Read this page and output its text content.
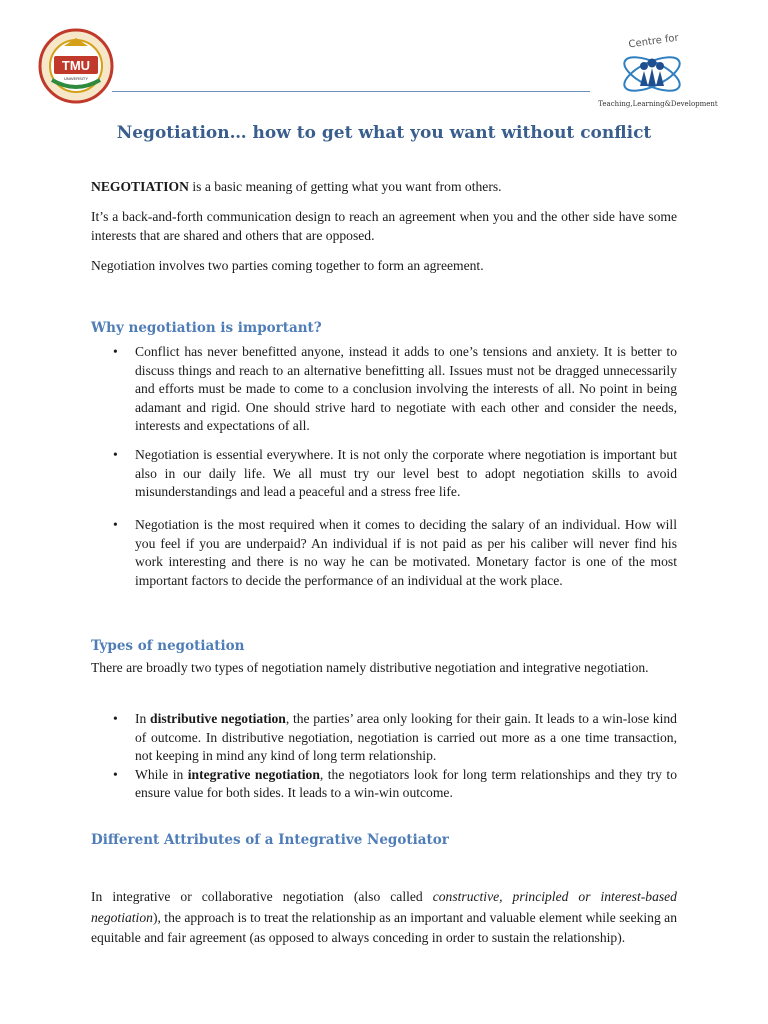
TMU
UNIVERSITY
Centre for
Teaching,Learning&Development
Negotiation… how to get what you want without conflict
NEGOTIATION is a basic meaning of getting what you want from others.
It’s a back-and-forth communication design to reach an agreement when you and the other side have some interests that are shared and others that are opposed.
Negotiation involves two parties coming together to form an agreement.
Why negotiation is important?
• Conflict has never benefitted anyone, instead it adds to one’s tensions and anxiety. It is better to discuss things and reach to an alternative benefitting all. Issues must not be dragged unnecessarily and efforts must be made to come to a conclusion involving the interests of all. No point in being adamant and rigid. One should strive hard to negotiate with each other and consider the needs, interests and expectations of all.
• Negotiation is essential everywhere. It is not only the corporate where negotiation is important but also in our daily life. We all must try our level best to adopt negotiation skills to avoid misunderstandings and lead a peaceful and a stress free life.
• Negotiation is the most required when it comes to deciding the salary of an individual. How will you feel if you are underpaid? An individual if is not paid as per his caliber will never find his work interesting and there is no way he can be motivated. Monetary factor is one of the most important factors to decide the performance of an individual at the work place.
Types of negotiation
There are broadly two types of negotiation namely distributive negotiation and integrative negotiation.
• In distributive negotiation, the parties’ area only looking for their gain. It leads to a win-lose kind of outcome. In distributive negotiation, negotiation is carried out more as a one time transaction, not keeping in mind any kind of long term relationship.
• While in integrative negotiation, the negotiators look for long term relationships and they try to ensure value for both sides. It leads to a win-win outcome.
Different Attributes of a Integrative Negotiator
In integrative or collaborative negotiation (also called constructive, principled or interest-based negotiation), the approach is to treat the relationship as an important and valuable element while seeking an equitable and fair agreement (as opposed to always conceding in order to sustain the relationship).
